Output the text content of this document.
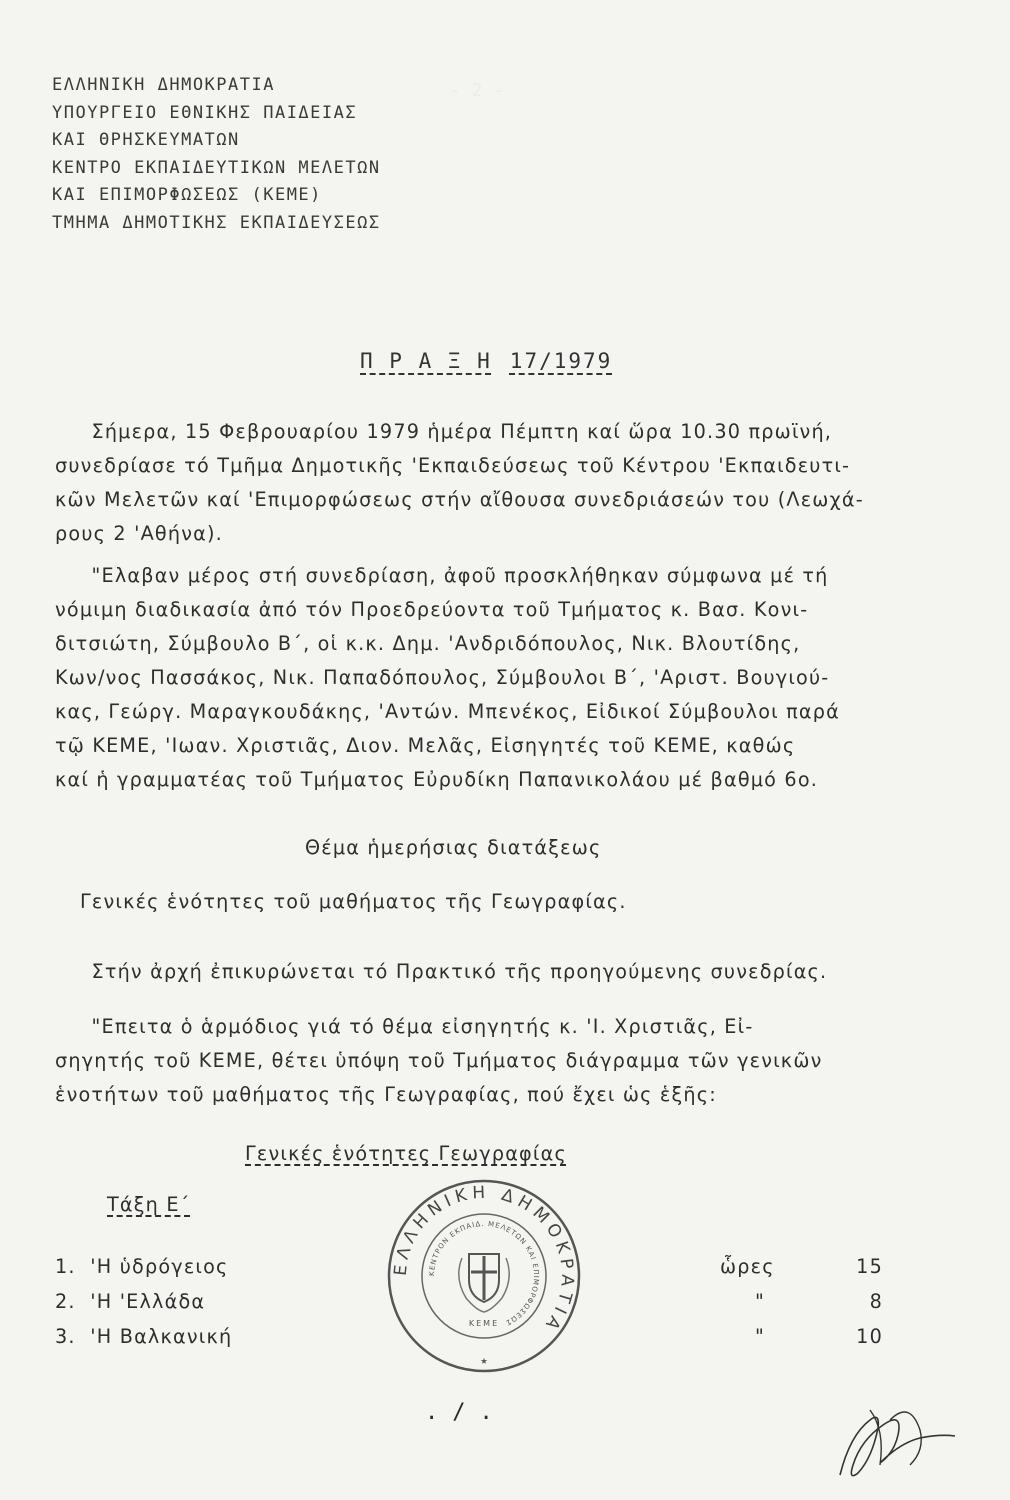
- 2 -
ΕΛΛΗΝΙΚΗ ΔΗΜΟΚΡΑΤΙΑ
ΥΠΟΥΡΓΕΙΟ ΕΘΝΙΚΗΣ ΠΑΙΔΕΙΑΣ
ΚΑΙ ΘΡΗΣΚΕΥΜΑΤΩΝ
ΚΕΝΤΡΟ ΕΚΠΑΙΔΕΥΤΙΚΩΝ ΜΕΛΕΤΩΝ
ΚΑΙ ΕΠΙΜΟΡΦΩΣΕΩΣ (ΚΕΜΕ)
ΤΜΗΜΑ ΔΗΜΟΤΙΚΗΣ ΕΚΠΑΙΔΕΥΣΕΩΣ
Π Ρ Α Ξ Η 17/1979
Σήμερα, 15 Φεβρουαρίου 1979 ἡμέρα Πέμπτη καί ὥρα 10.30 πρωϊνή,
συνεδρίασε τό Τμῆμα Δημοτικῆς 'Εκπαιδεύσεως τοῦ Κέντρου 'Εκπαιδευτι-
κῶν Μελετῶν καί 'Επιμορφώσεως στήν αἴθουσα συνεδριάσεών του (Λεωχά-
ρους 2 'Αθήνα).
"Ελαβαν μέρος στή συνεδρίαση, ἀφοῦ προσκλήθηκαν σύμφωνα μέ τή
νόμιμη διαδικασία ἀπό τόν Προεδρεύοντα τοῦ Τμήματος κ. Βασ. Κονι-
διτσιώτη, Σύμβουλο Β΄, οἱ κ.κ. Δημ. 'Ανδριδόπουλος, Νικ. Βλουτίδης,
Κων/νος Πασσάκος, Νικ. Παπαδόπουλος, Σύμβουλοι Β΄, 'Αριστ. Βουγιού-
κας, Γεώργ. Μαραγκουδάκης, 'Αντών. Μπενέκος, Εἰδικοί Σύμβουλοι παρά
τῷ ΚΕΜΕ, 'Ιωαν. Χριστιᾶς, Διον. Μελᾶς, Εἰσηγητές τοῦ ΚΕΜΕ, καθώς
καί ἡ γραμματέας τοῦ Τμήματος Εὐρυδίκη Παπανικολάου μέ βαθμό 6ο.
Θέμα ἡμερήσιας διατάξεως
Γενικές ἑνότητες τοῦ μαθήματος τῆς Γεωγραφίας.
Στήν ἀρχή ἐπικυρώνεται τό Πρακτικό τῆς προηγούμενης συνεδρίας.
"Επειτα ὁ ἁρμόδιος γιά τό θέμα εἰσηγητής κ. 'Ι. Χριστιᾶς, Εἰ-
σηγητής τοῦ ΚΕΜΕ, θέτει ὑπόψη τοῦ Τμήματος διάγραμμα τῶν γενικῶν
ἑνοτήτων τοῦ μαθήματος τῆς Γεωγραφίας, πού ἔχει ὡς ἑξῆς:
Γενικές ἑνότητες Γεωγραφίας
Τάξη Ε΄
1.  'Η ὑδρόγειος	ὧρες	15
2.  'Η 'Ελλάδα	"	8
3.  'Η Βαλκανική	"	10
ΕΛΛΗΝΙΚΗ ΔΗΜΟΚΡΑΤΙΑ
ΚΕΝΤΡΟΝ ΕΚΠΑΙΔ. ΜΕΛΕΤΩΝ ΚΑΙ ΕΠΙΜΟΡΦΩΣΕΩΣ
ΚΕΜΕ
★
./.
